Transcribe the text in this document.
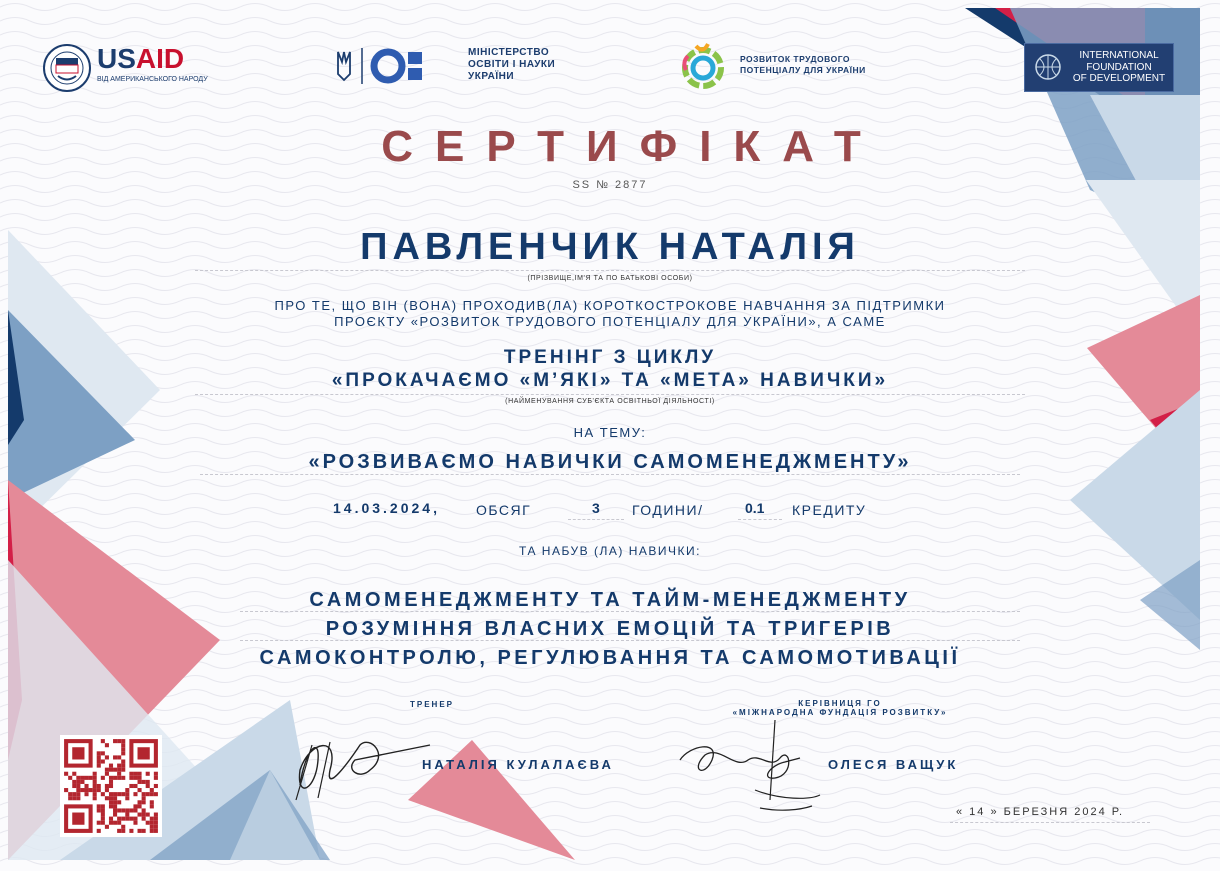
USAID
ВІД АМЕРИКАНСЬКОГО НАРОДУ
МІНІСТЕРСТВО
ОСВІТИ І НАУКИ
УКРАЇНИ
РОЗВИТОК ТРУДОВОГО
ПОТЕНЦІАЛУ ДЛЯ УКРАЇНИ
INTERNATIONAL
FOUNDATION
OF DEVELOPMENT
СЕРТИФІКАТ
SS № 2877
ПАВЛЕНЧИК НАТАЛІЯ
(ПРІЗВИЩЕ,ІМ'Я ТА ПО БАТЬКОВІ ОСОБИ)
ПРО ТЕ, ЩО ВІН (ВОНА) ПРОХОДИВ(ЛА) КОРОТКОСТРОКОВЕ НАВЧАННЯ ЗА ПІДТРИМКИ
ПРОЄКТУ «РОЗВИТОК ТРУДОВОГО ПОТЕНЦІАЛУ ДЛЯ УКРАЇНИ», А САМЕ
ТРЕНІНГ З ЦИКЛУ
«ПРОКАЧАЄМО «М’ЯКІ» ТА «МЕТА» НАВИЧКИ»
(НАЙМЕНУВАННЯ СУБ'ЄКТА ОСВІТНЬОЇ ДІЯЛЬНОСТІ)
НА ТЕМУ:
«РОЗВИВАЄМО НАВИЧКИ САМОМЕНЕДЖМЕНТУ»
14.03.2024,	ОБСЯГ	3 ГОДИНИ/	0.1 КРЕДИТУ
ТА НАБУВ (ЛА) НАВИЧКИ:
САМОМЕНЕДЖМЕНТУ ТА ТАЙМ-МЕНЕДЖМЕНТУ
РОЗУМІННЯ ВЛАСНИХ ЕМОЦІЙ ТА ТРИГЕРІВ
САМОКОНТРОЛЮ, РЕГУЛЮВАННЯ ТА САМОМОТИВАЦІЇ
ТРЕНЕР
НАТАЛІЯ КУЛАЛАЄВА
КЕРІВНИЦЯ ГО
«МІЖНАРОДНА ФУНДАЦІЯ РОЗВИТКУ»
ОЛЕСЯ ВАЩУК
« 14 » БЕРЕЗНЯ 2024 Р.
